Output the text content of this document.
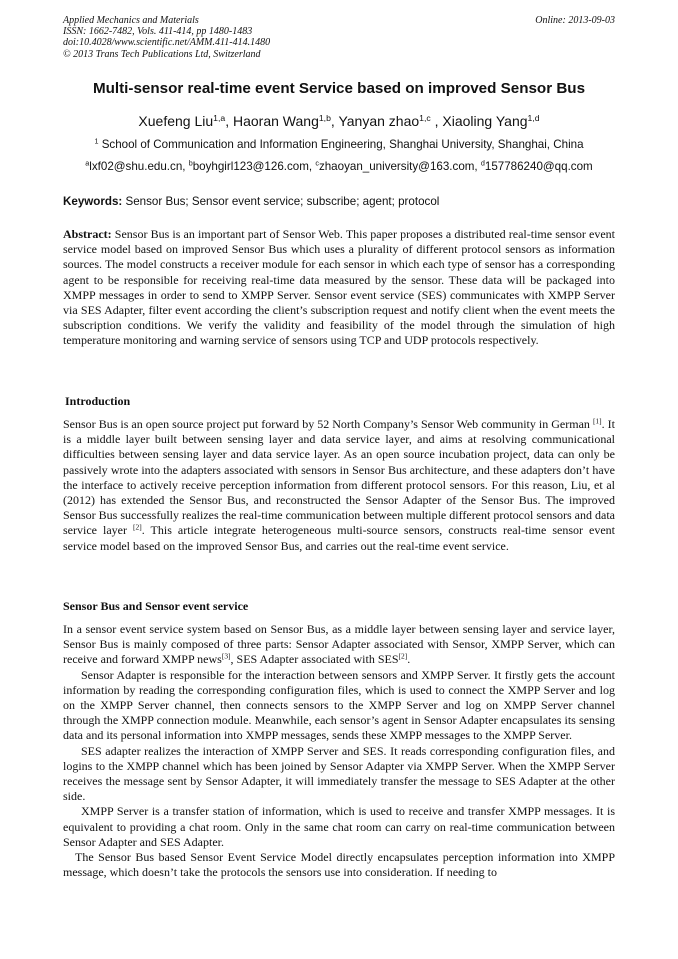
Applied Mechanics and Materials
ISSN: 1662-7482, Vols. 411-414, pp 1480-1483
doi:10.4028/www.scientific.net/AMM.411-414.1480
© 2013 Trans Tech Publications Ltd, Switzerland
Online: 2013-09-03
Multi-sensor real-time event Service based on improved Sensor Bus
Xuefeng Liu$^{1,a}$, Haoran Wang$^{1,b}$, Yanyan zhao$^{1,c}$ , Xiaoling Yang$^{1,d}$
$^1$ School of Communication and Information Engineering, Shanghai University, Shanghai, China
$^a$lxf02@shu.edu.cn, $^b$boyhgirl123@126.com, $^c$zhaoyan_university@163.com, $^d$157786240@qq.com
Keywords: Sensor Bus; Sensor event service; subscribe; agent; protocol

Abstract: Sensor Bus is an important part of Sensor Web. This paper proposes a distributed real-time sensor event service model based on improved Sensor Bus which uses a plurality of different protocol sensors as information sources. The model constructs a receiver module for each sensor in which each type of sensor has a corresponding agent to be responsible for receiving real-time data measured by the sensor. These data will be packaged into XMPP messages in order to send to XMPP Server. Sensor event service (SES) communicates with XMPP Server via SES Adapter, filter event according the client’s subscription request and notify client when the event meets the subscription conditions. We verify the validity and feasibility of the model through the simulation of high temperature monitoring and warning service of sensors using TCP and UDP protocols respectively.

Introduction

Sensor Bus is an open source project put forward by 52 North Company’s Sensor Web community in German [1]. It is a middle layer built between sensing layer and data service layer, and aims at resolving communicational difficulties between sensing layer and data service layer. As an open source incubation project, data can only be passively wrote into the adapters associated with sensors in Sensor Bus architecture, and these adapters don’t have the interface to actively receive perception information from different protocol sensors. For this reason, Liu, et al (2012) has extended the Sensor Bus, and reconstructed the Sensor Adapter of the Sensor Bus. The improved Sensor Bus successfully realizes the real-time communication between multiple different protocol sensors and data service layer [2]. This article integrate heterogeneous multi-source sensors, constructs real-time sensor event service model based on the improved Sensor Bus, and carries out the real-time event service.

Sensor Bus and Sensor event service

In a sensor event service system based on Sensor Bus, as a middle layer between sensing layer and service layer, Sensor Bus is mainly composed of three parts: Sensor Adapter associated with Sensor, XMPP Server, which can receive and forward XMPP news[3], SES Adapter associated with SES[2].

Sensor Adapter is responsible for the interaction between sensors and XMPP Server. It firstly gets the account information by reading the corresponding configuration files, which is used to connect the XMPP Server and log on the XMPP Server channel, then connects sensors to the XMPP Server and log on XMPP Server channel through the XMPP connection module. Meanwhile, each sensor’s agent in Sensor Adapter encapsulates its sensing data and its personal information into XMPP messages, sends these XMPP messages to the XMPP Server.

SES adapter realizes the interaction of XMPP Server and SES. It reads corresponding configuration files, and logins to the XMPP channel which has been joined by Sensor Adapter via XMPP Server. When the XMPP Server receives the message sent by Sensor Adapter, it will immediately transfer the message to SES Adapter at the other side.

XMPP Server is a transfer station of information, which is used to receive and transfer XMPP messages. It is equivalent to providing a chat room. Only in the same chat room can carry on real-time communication between Sensor Adapter and SES Adapter.

The Sensor Bus based Sensor Event Service Model directly encapsulates perception information into XMPP message, which doesn’t take the protocols the sensors use into consideration. If needing to
